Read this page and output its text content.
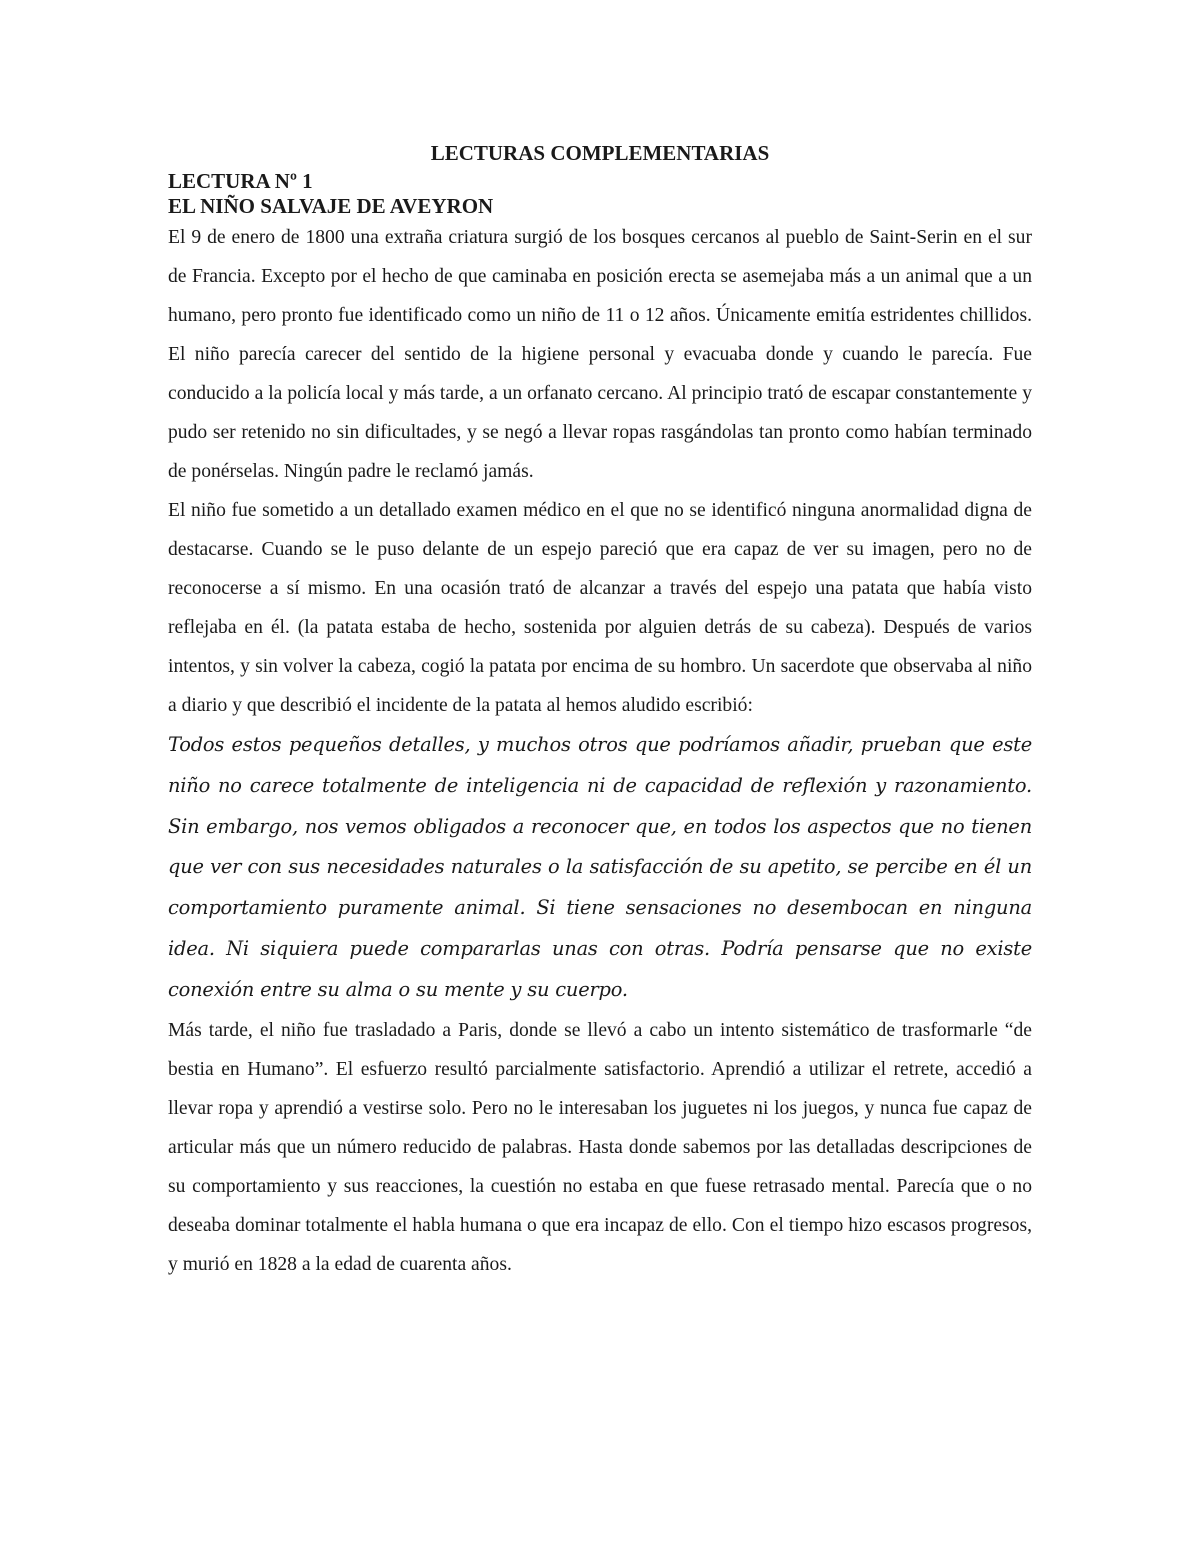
LECTURAS COMPLEMENTARIAS
LECTURA Nº 1
EL NIÑO SALVAJE DE AVEYRON

El 9 de enero de 1800 una extraña criatura surgió de los bosques cercanos al pueblo de Saint-Serin en el sur de Francia. Excepto por el hecho de que caminaba en posición erecta se asemejaba más a un animal que a un humano, pero pronto fue identificado como un niño de 11 o 12 años. Únicamente emitía estridentes chillidos. El niño parecía carecer del sentido de la higiene personal y evacuaba donde y cuando le parecía. Fue conducido a la policía local y más tarde, a un orfanato cercano. Al principio trató de escapar constantemente y pudo ser retenido no sin dificultades, y se negó a llevar ropas rasgándolas tan pronto como habían terminado de ponérselas. Ningún padre le reclamó jamás.

El niño fue sometido a un detallado examen médico en el que no se identificó ninguna anormalidad digna de destacarse. Cuando se le puso delante de un espejo pareció que era capaz de ver su imagen, pero no de reconocerse a sí mismo. En una ocasión trató de alcanzar a través del espejo una patata que había visto reflejaba en él. (la patata estaba de hecho, sostenida por alguien detrás de su cabeza). Después de varios intentos, y sin volver la cabeza, cogió la patata por encima de su hombro. Un sacerdote que observaba al niño a diario y que describió el incidente de la patata al hemos aludido escribió:

Todos estos pequeños detalles, y muchos otros que podríamos añadir, prueban que este niño no carece totalmente de inteligencia ni de capacidad de reflexión y razonamiento. Sin embargo, nos vemos obligados a reconocer que, en todos los aspectos que no tienen que ver con sus necesidades naturales o la satisfacción de su apetito, se percibe en él un comportamiento puramente animal. Si tiene sensaciones no desembocan en ninguna idea. Ni siquiera puede compararlas unas con otras. Podría pensarse que no existe conexión entre su alma o su mente y su cuerpo.

Más tarde, el niño fue trasladado a Paris, donde se llevó a cabo un intento sistemático de trasformarle “de bestia en Humano”. El esfuerzo resultó parcialmente satisfactorio. Aprendió a utilizar el retrete, accedió a llevar ropa y aprendió a vestirse solo. Pero no le interesaban los juguetes ni los juegos, y nunca fue capaz de articular más que un número reducido de palabras. Hasta donde sabemos por las detalladas descripciones de su comportamiento y sus reacciones, la cuestión no estaba en que fuese retrasado mental. Parecía que o no deseaba dominar totalmente el habla humana o que era incapaz de ello. Con el tiempo hizo escasos progresos, y murió en 1828 a la edad de cuarenta años.
